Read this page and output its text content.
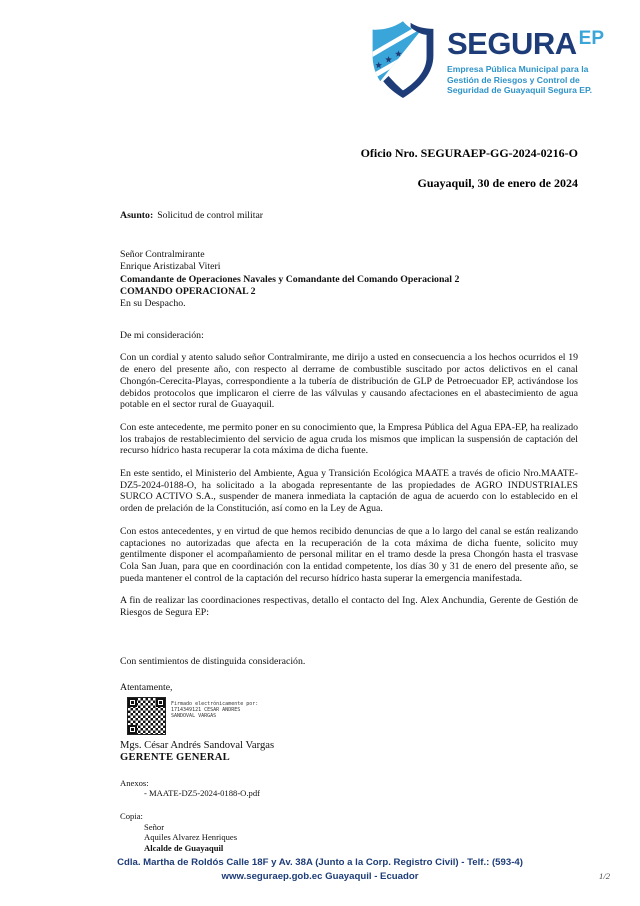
SEGURA EP
Empresa Pública Municipal para la
Gestión de Riesgos y Control de
Seguridad de Guayaquil Segura EP.
Oficio Nro. SEGURAEP-GG-2024-0216-O
Guayaquil, 30 de enero de 2024
Asunto: Solicitud de control militar
Señor Contralmirante
Enrique Aristizabal Viteri
Comandante de Operaciones Navales y Comandante del Comando Operacional 2
COMANDO OPERACIONAL 2
En su Despacho.
De mi consideración:

Con un cordial y atento saludo señor Contralmirante, me dirijo a usted en consecuencia a los hechos ocurridos el 19 de enero del presente año, con respecto al derrame de combustible suscitado por actos delictivos en el canal Chongón-Cerecita-Playas, correspondiente a la tubería de distribución de GLP de Petroecuador EP, activándose los debidos protocolos que implicaron el cierre de las válvulas y causando afectaciones en el abastecimiento de agua potable en el sector rural de Guayaquil.

Con este antecedente, me permito poner en su conocimiento que, la Empresa Pública del Agua EPA-EP, ha realizado los trabajos de restablecimiento del servicio de agua cruda los mismos que implican la suspensión de captación del recurso hídrico hasta recuperar la cota máxima de dicha fuente.

En este sentido, el Ministerio del Ambiente, Agua y Transición Ecológica MAATE a través de oficio Nro.MAATE-DZ5-2024-0188-O, ha solicitado a la abogada representante de las propiedades de AGRO INDUSTRIALES SURCO ACTIVO S.A., suspender de manera inmediata la captación de agua de acuerdo con lo establecido en el orden de prelación de la Constitución, así como en la Ley de Agua.

Con estos antecedentes, y en virtud de que hemos recibido denuncias de que a lo largo del canal se están realizando captaciones no autorizadas que afecta en la recuperación de la cota máxima de dicha fuente, solicito muy gentilmente disponer el acompañamiento de personal militar en el tramo desde la presa Chongón hasta el trasvase Cola San Juan, para que en coordinación con la entidad competente, los días 30 y 31 de enero del presente año, se pueda mantener el control de la captación del recurso hídrico hasta superar la emergencia manifestada.

A fin de realizar las coordinaciones respectivas, detallo el contacto del Ing. Alex Anchundia, Gerente de Gestión de Riesgos de Segura EP:

Con sentimientos de distinguida consideración.
Atentamente,
Firmado electrónicamente por:
1714349121 CESAR ANDRES
SANDOVAL VARGAS
Mgs. César Andrés Sandoval Vargas
GERENTE GENERAL
Anexos:
- MAATE-DZ5-2024-0188-O.pdf
Copia:
Señor
Aquiles Alvarez Henriques
Alcalde de Guayaquil
Cdla. Martha de Roldós Calle 18F y Av. 38A (Junto a la Corp. Registro Civil) - Telf.: (593-4)
www.seguraep.gob.ec Guayaquil - Ecuador	1/2
